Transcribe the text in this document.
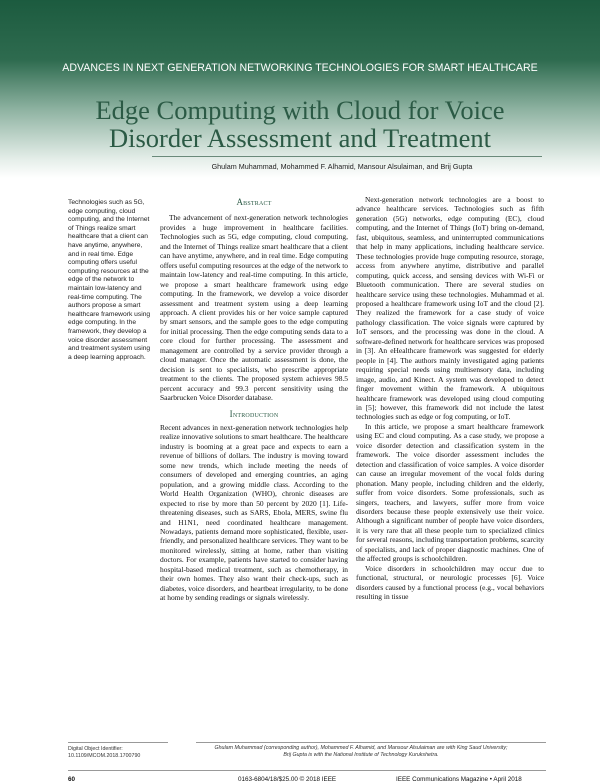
ADVANCES IN NEXT GENERATION NETWORKING TECHNOLOGIES FOR SMART HEALTHCARE
Edge Computing with Cloud for Voice
Disorder Assessment and Treatment
Ghulam Muhammad, Mohammed F. Alhamid, Mansour Alsulaiman, and Brij Gupta
Technologies such as 5G, edge computing, cloud computing, and the Internet of Things realize smart healthcare that a client can have anytime, anywhere, and in real time. Edge computing offers useful computing resources at the edge of the network to maintain low-latency and real-time computing. The authors propose a smart healthcare framework using edge computing. In the framework, they develop a voice disorder assessment and treatment system using a deep learning approach.
Abstract

The advancement of next-generation network technologies provides a huge improvement in healthcare facilities. Technologies such as 5G, edge computing, cloud computing, and the Internet of Things realize smart healthcare that a client can have anytime, anywhere, and in real time. Edge computing offers useful computing resources at the edge of the network to maintain low-latency and real-time computing. In this article, we propose a smart healthcare framework using edge computing. In the framework, we develop a voice disorder assessment and treatment system using a deep learning approach. A client provides his or her voice sample captured by smart sensors, and the sample goes to the edge computing for initial processing. Then the edge computing sends data to a core cloud for further processing. The assessment and management are controlled by a service provider through a cloud manager. Once the automatic assessment is done, the decision is sent to specialists, who prescribe appropriate treatment to the clients. The proposed system achieves 98.5 percent accuracy and 99.3 percent sensitivity using the Saarbrucken Voice Disorder database.

Introduction

Recent advances in next-generation network technologies help realize innovative solutions to smart healthcare. The healthcare industry is booming at a great pace and expects to earn a revenue of billions of dollars. The industry is moving toward some new trends, which include meeting the needs of consumers of developed and emerging countries, an aging population, and a growing middle class. According to the World Health Organization (WHO), chronic diseases are expected to rise by more than 50 percent by 2020 [1]. Life-threatening diseases, such as SARS, Ebola, MERS, swine flu and H1N1, need coordinated healthcare management. Nowadays, patients demand more sophisticated, flexible, user-friendly, and personalized healthcare services. They want to be monitored wirelessly, sitting at home, rather than visiting doctors. For example, patients have started to consider having hospital-based medical treatment, such as chemotherapy, in their own homes. They also want their check-ups, such as diabetes, voice disorders, and heartbeat irregularity, to be done at home by sending readings or signals wirelessly.

Next-generation network technologies are a boost to advance healthcare services. Technologies such as fifth generation (5G) networks, edge computing (EC), cloud computing, and the Internet of Things (IoT) bring on-demand, fast, ubiquitous, seamless, and uninterrupted communications that help in many applications, including healthcare service. These technologies provide huge computing resource, storage, access from anywhere anytime, distributive and parallel computing, quick access, and sensing devices with Wi-Fi or Bluetooth communication. There are several studies on healthcare service using these technologies. Muhammad et al. proposed a healthcare framework using IoT and the cloud [2]. They realized the framework for a case study of voice pathology classification. The voice signals were captured by IoT sensors, and the processing was done in the cloud. A software-defined network for healthcare services was proposed in [3]. An eHealthcare framework was suggested for elderly people in [4]. The authors mainly investigated aging patients requiring special needs using multisensory data, including image, audio, and Kinect. A system was developed to detect finger movement within the framework. A ubiquitous healthcare framework was developed using cloud computing in [5]; however, this framework did not include the latest technologies such as edge or fog computing, or IoT.

In this article, we propose a smart healthcare framework using EC and cloud computing. As a case study, we propose a voice disorder detection and classification system in the framework. The voice disorder assessment includes the detection and classification of voice samples. A voice disorder can cause an irregular movement of the vocal folds during phonation. Many people, including children and the elderly, suffer from voice disorders. Some professionals, such as singers, teachers, and lawyers, suffer more from voice disorders because these people extensively use their voice. Although a significant number of people have voice disorders, it is very rare that all these people turn to specialized clinics for several reasons, including transportation problems, scarcity of specialists, and lack of proper diagnostic machines. One of the affected groups is schoolchildren.

Voice disorders in schoolchildren may occur due to functional, structural, or neurologic processes [6]. Voice disorders caused by a functional process (e.g., vocal behaviors resulting in tissue

Digital Object Identifier:
10.1109/MCOM.2018.1700790
Ghulam Muhammad (corresponding author), Mohammed F. Alhamid, and Mansour Alsulaiman are with King Saud University;
Brij Gupta is with the National Institute of Technology Kurukshetra.
60	0163-6804/18/$25.00 © 2018 IEEE	IEEE Communications Magazine • April 2018
